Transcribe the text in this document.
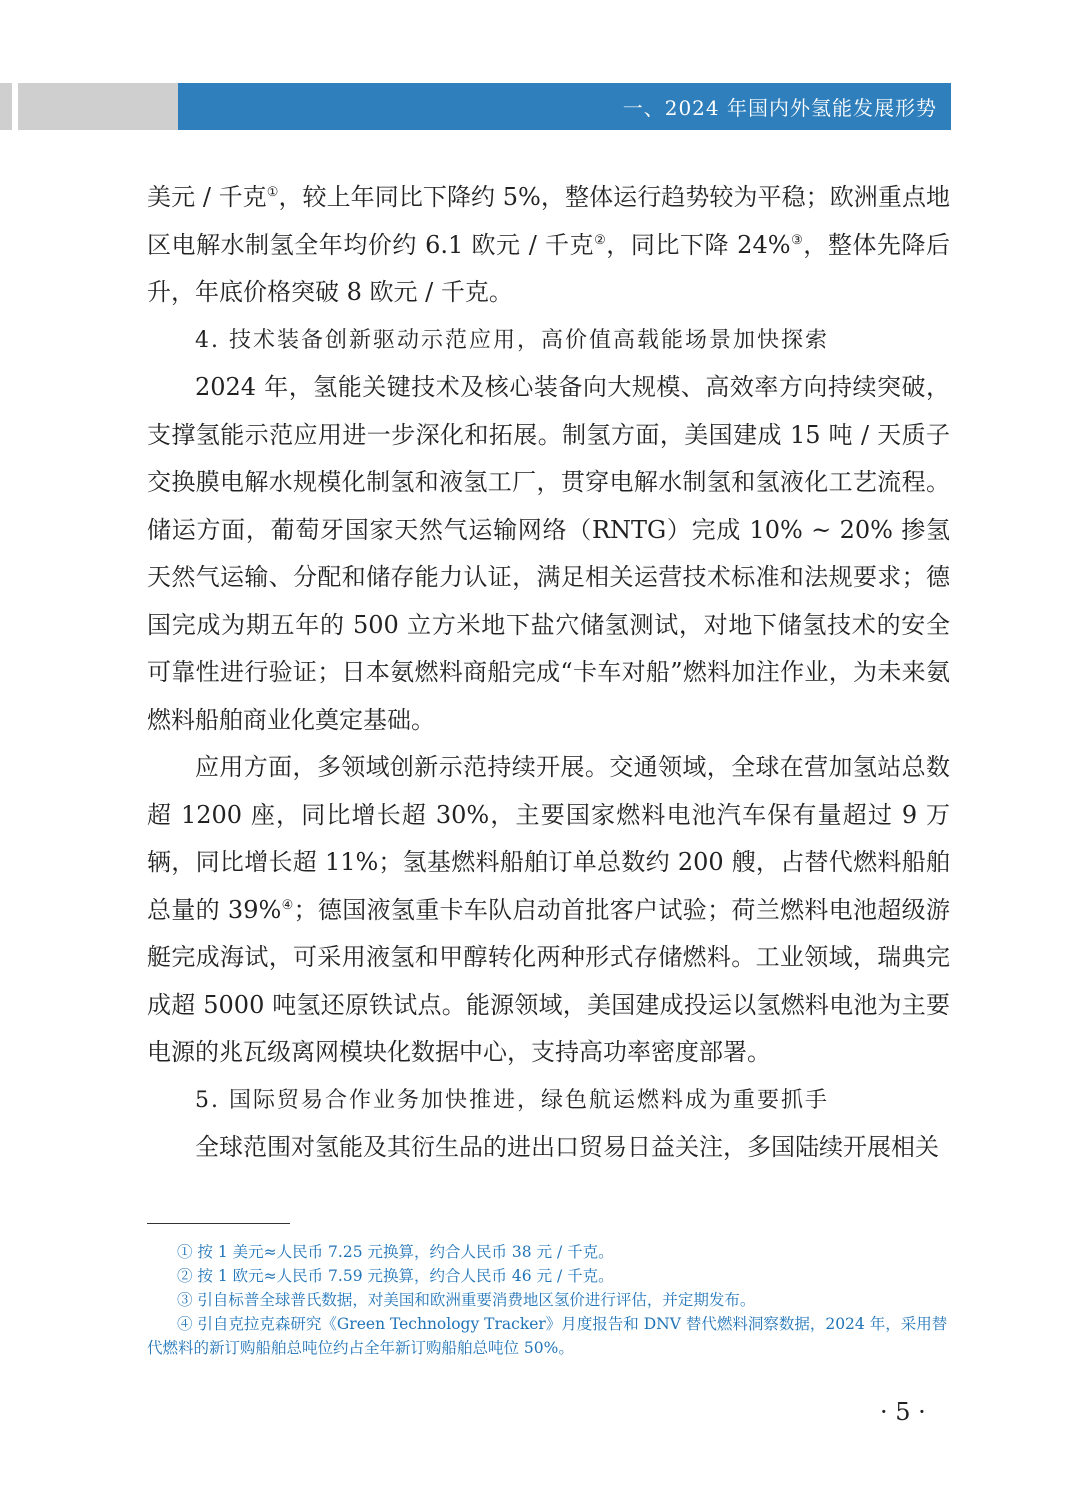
一、2024 年国内外氢能发展形势

美元 / 千克①，较上年同比下降约 5%，整体运行趋势较为平稳；欧洲重点地区电解水制氢全年均价约 6.1 欧元 / 千克②，同比下降 24%③，整体先降后升，年底价格突破 8 欧元 / 千克。

4. 技术装备创新驱动示范应用，高价值高载能场景加快探索

2024 年，氢能关键技术及核心装备向大规模、高效率方向持续突破，支撑氢能示范应用进一步深化和拓展。制氢方面，美国建成 15 吨 / 天质子交换膜电解水规模化制氢和液氢工厂，贯穿电解水制氢和氢液化工艺流程。储运方面，葡萄牙国家天然气运输网络（RNTG）完成 10% ~ 20% 掺氢天然气运输、分配和储存能力认证，满足相关运营技术标准和法规要求；德国完成为期五年的 500 立方米地下盐穴储氢测试，对地下储氢技术的安全可靠性进行验证；日本氨燃料商船完成“卡车对船”燃料加注作业，为未来氨燃料船舶商业化奠定基础。

应用方面，多领域创新示范持续开展。交通领域，全球在营加氢站总数超 1200 座，同比增长超 30%，主要国家燃料电池汽车保有量超过 9 万辆，同比增长超 11%；氢基燃料船舶订单总数约 200 艘，占替代燃料船舶总量的 39%④；德国液氢重卡车队启动首批客户试验；荷兰燃料电池超级游艇完成海试，可采用液氢和甲醇转化两种形式存储燃料。工业领域，瑞典完成超 5000 吨氢还原铁试点。能源领域，美国建成投运以氢燃料电池为主要电源的兆瓦级离网模块化数据中心，支持高功率密度部署。

5. 国际贸易合作业务加快推进，绿色航运燃料成为重要抓手

全球范围对氢能及其衍生品的进出口贸易日益关注，多国陆续开展相关

① 按 1 美元≈人民币 7.25 元换算，约合人民币 38 元 / 千克。

② 按 1 欧元≈人民币 7.59 元换算，约合人民币 46 元 / 千克。

③ 引自标普全球普氏数据，对美国和欧洲重要消费地区氢价进行评估，并定期发布。

④ 引自克拉克森研究《Green Technology Tracker》月度报告和 DNV 替代燃料洞察数据，2024 年，采用替代燃料的新订购船舶总吨位约占全年新订购船舶总吨位 50%。

· 5 ·
